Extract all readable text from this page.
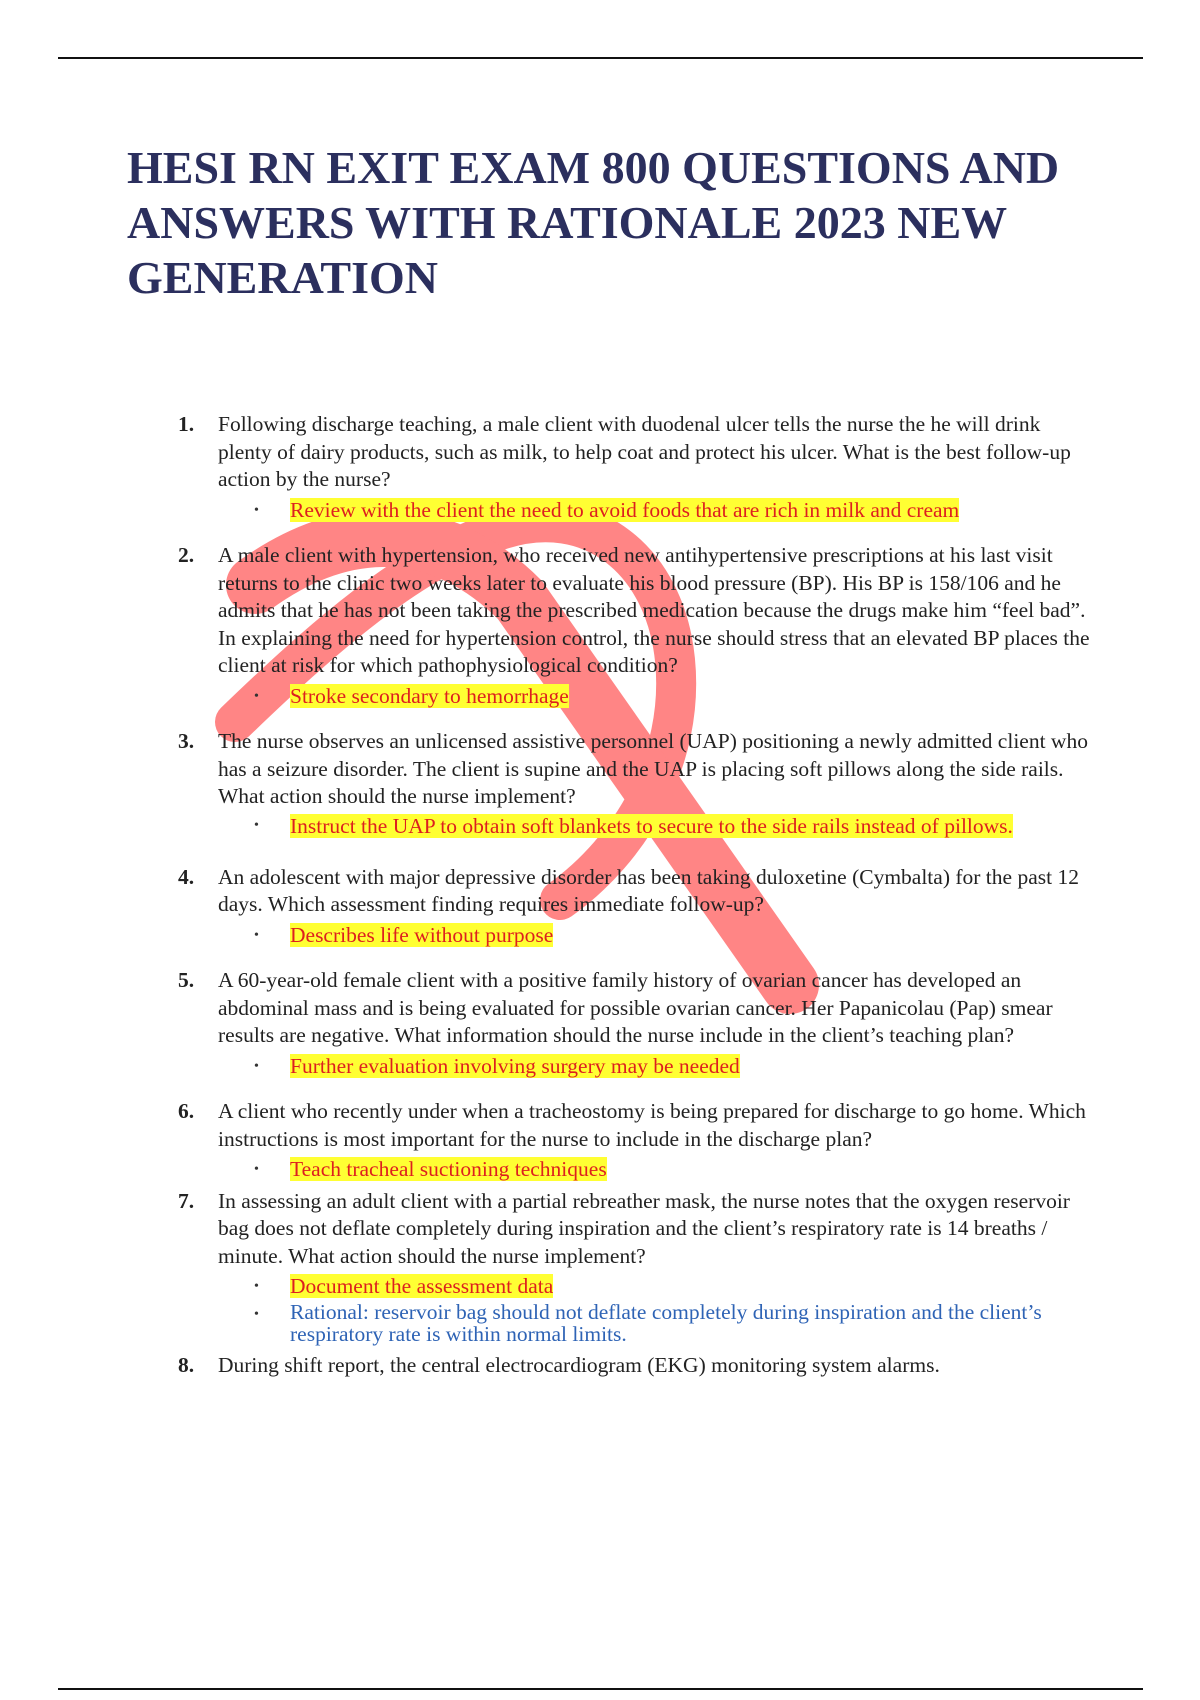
HESI RN EXIT EXAM 800 QUESTIONS AND ANSWERS WITH RATIONALE 2023 NEW GENERATION
1. Following discharge teaching, a male client with duodenal ulcer tells the nurse the he will drink plenty of dairy products, such as milk, to help coat and protect his ulcer. What is the best follow-up action by the nurse?
• Review with the client the need to avoid foods that are rich in milk and cream
2. A male client with hypertension, who received new antihypertensive prescriptions at his last visit returns to the clinic two weeks later to evaluate his blood pressure (BP). His BP is 158/106 and he admits that he has not been taking the prescribed medication because the drugs make him “feel bad”. In explaining the need for hypertension control, the nurse should stress that an elevated BP places the client at risk for which pathophysiological condition?
• Stroke secondary to hemorrhage
3. The nurse observes an unlicensed assistive personnel (UAP) positioning a newly admitted client who has a seizure disorder. The client is supine and the UAP is placing soft pillows along the side rails. What action should the nurse implement?
• Instruct the UAP to obtain soft blankets to secure to the side rails instead of pillows.
4. An adolescent with major depressive disorder has been taking duloxetine (Cymbalta) for the past 12 days. Which assessment finding requires immediate follow-up?
• Describes life without purpose
5. A 60-year-old female client with a positive family history of ovarian cancer has developed an abdominal mass and is being evaluated for possible ovarian cancer. Her Papanicolau (Pap) smear results are negative. What information should the nurse include in the client’s teaching plan?
• Further evaluation involving surgery may be needed
6. A client who recently under when a tracheostomy is being prepared for discharge to go home. Which instructions is most important for the nurse to include in the discharge plan?
• Teach tracheal suctioning techniques
7. In assessing an adult client with a partial rebreather mask, the nurse notes that the oxygen reservoir bag does not deflate completely during inspiration and the client’s respiratory rate is 14 breaths / minute. What action should the nurse implement?
• Document the assessment data
• Rational: reservoir bag should not deflate completely during inspiration and the client’s respiratory rate is within normal limits.
8. During shift report, the central electrocardiogram (EKG) monitoring system alarms.
